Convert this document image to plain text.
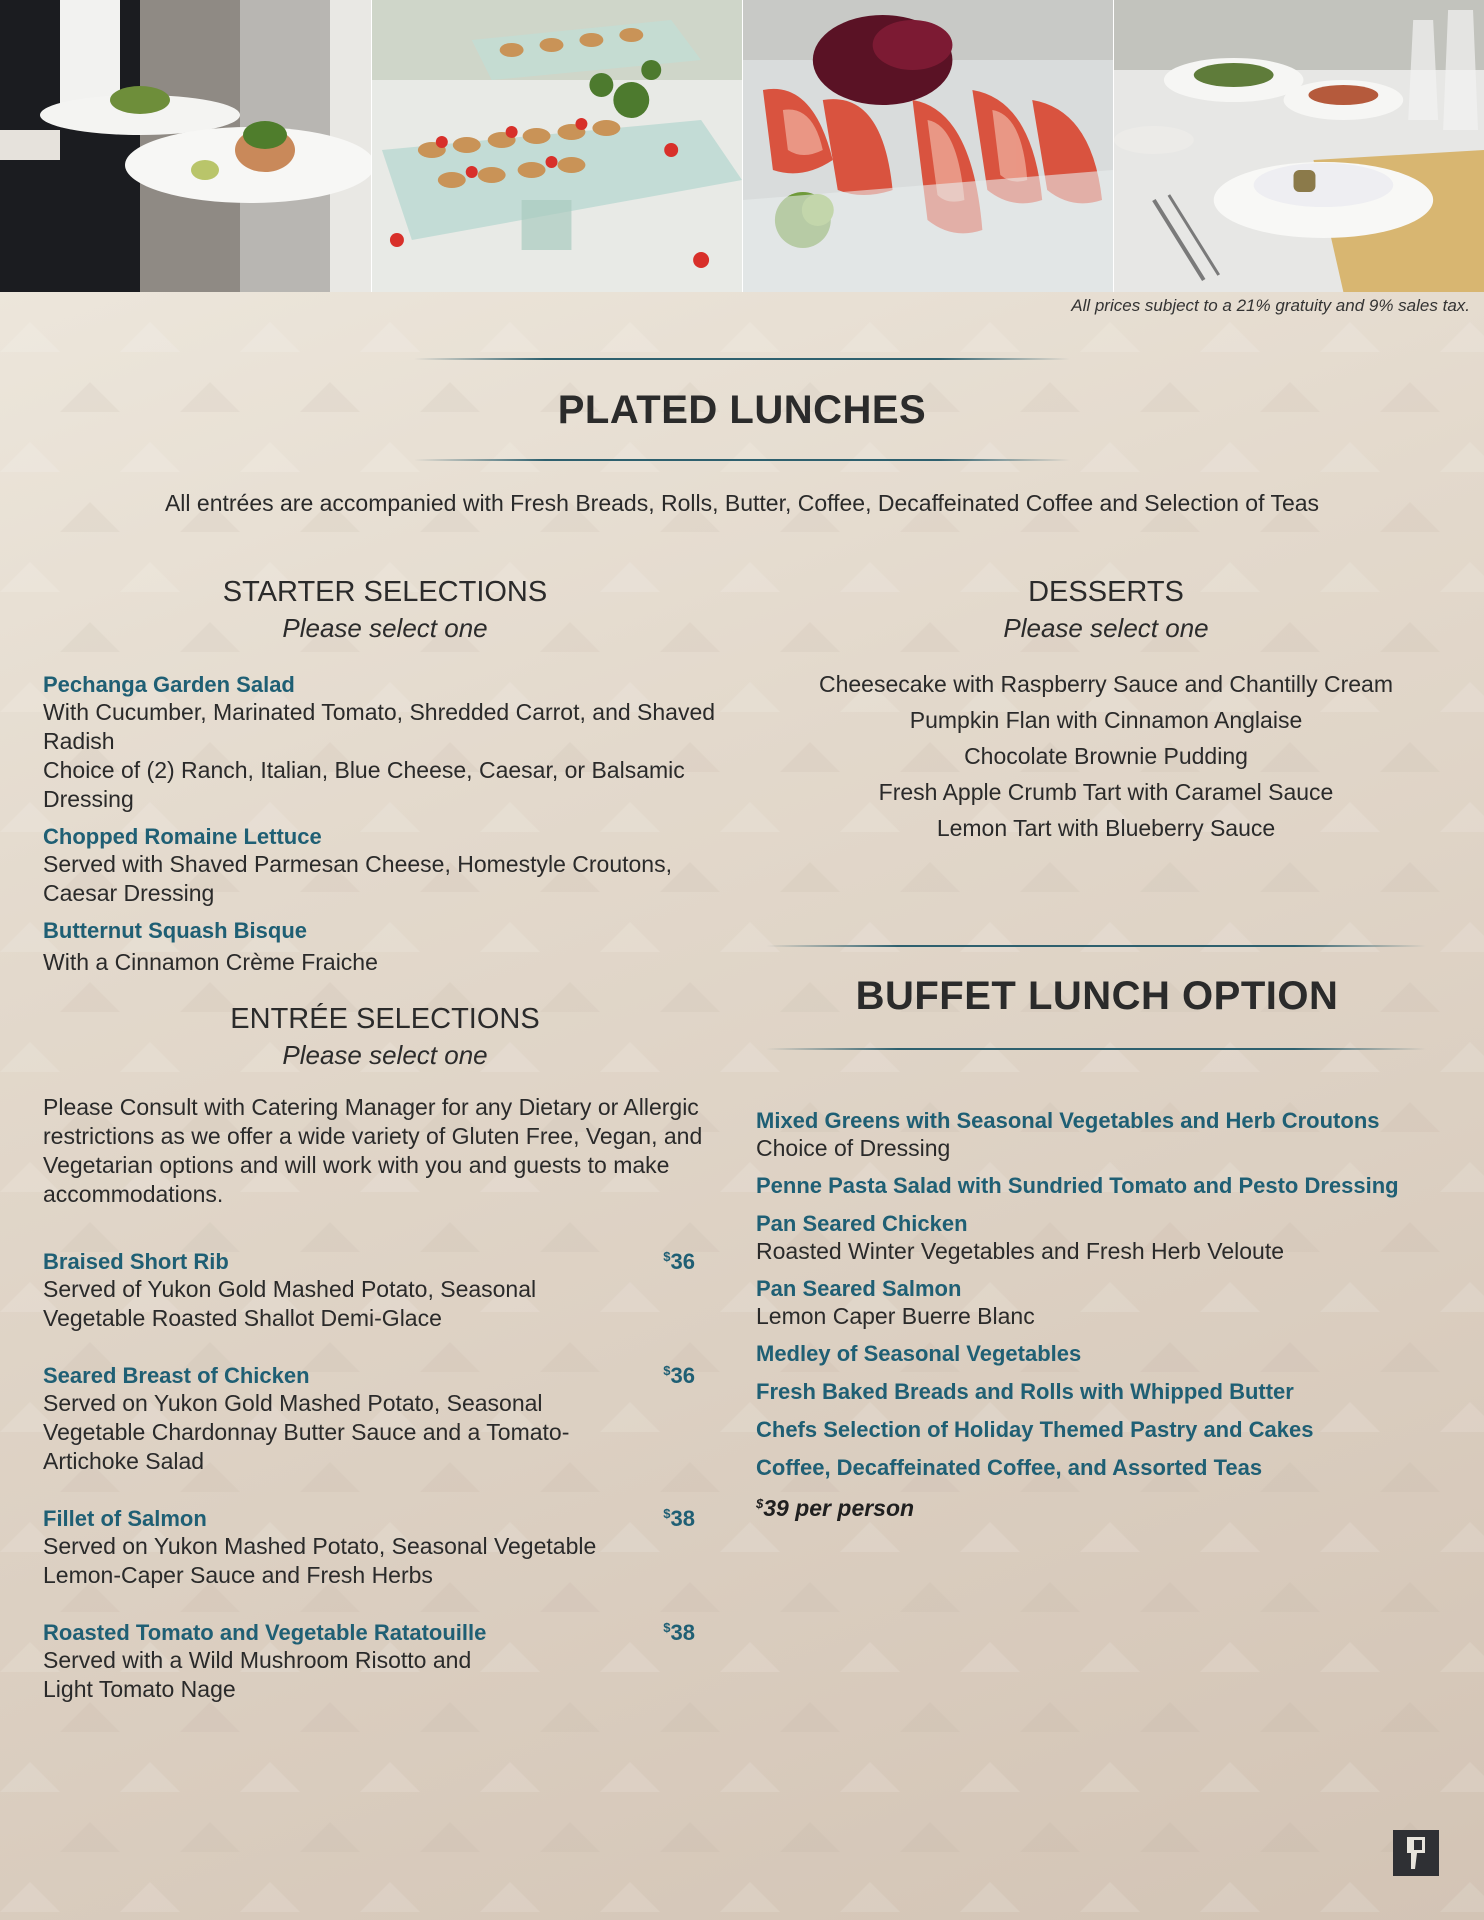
All prices subject to a 21% gratuity and 9% sales tax.
PLATED LUNCHES
All entrées are accompanied with Fresh Breads, Rolls, Butter, Coffee, Decaffeinated Coffee and Selection of Teas
STARTER SELECTIONS
Please select one
Pechanga Garden Salad
With Cucumber, Marinated Tomato, Shredded Carrot, and Shaved Radish
Choice of (2) Ranch, Italian, Blue Cheese, Caesar, or Balsamic Dressing
Chopped Romaine Lettuce
Served with Shaved Parmesan Cheese, Homestyle Croutons, Caesar Dressing
Butternut Squash Bisque
With a Cinnamon Crème Fraiche
ENTRÉE SELECTIONS
Please select one
Please Consult with Catering Manager for any Dietary or Allergic restrictions as we offer a wide variety of Gluten Free, Vegan, and Vegetarian options and will work with you and guests to make accommodations.
Braised Short Rib	$36
Served of Yukon Gold Mashed Potato, Seasonal Vegetable Roasted Shallot Demi-Glace
Seared Breast of Chicken	$36
Served on Yukon Gold Mashed Potato, Seasonal Vegetable Chardonnay Butter Sauce and a Tomato-Artichoke Salad
Fillet of Salmon	$38
Served on Yukon Mashed Potato, Seasonal Vegetable Lemon-Caper Sauce and Fresh Herbs
Roasted Tomato and Vegetable Ratatouille	$38
Served with a Wild Mushroom Risotto and Light Tomato Nage
DESSERTS
Please select one
Cheesecake with Raspberry Sauce and Chantilly Cream
Pumpkin Flan with Cinnamon Anglaise
Chocolate Brownie Pudding
Fresh Apple Crumb Tart with Caramel Sauce
Lemon Tart with Blueberry Sauce
BUFFET LUNCH OPTION
Mixed Greens with Seasonal Vegetables and Herb Croutons
Choice of Dressing
Penne Pasta Salad with Sundried Tomato and Pesto Dressing
Pan Seared Chicken
Roasted Winter Vegetables and Fresh Herb Veloute
Pan Seared Salmon
Lemon Caper Buerre Blanc
Medley of Seasonal Vegetables
Fresh Baked Breads and Rolls with Whipped Butter
Chefs Selection of Holiday Themed Pastry and Cakes
Coffee, Decaffeinated Coffee, and Assorted Teas
$39 per person
